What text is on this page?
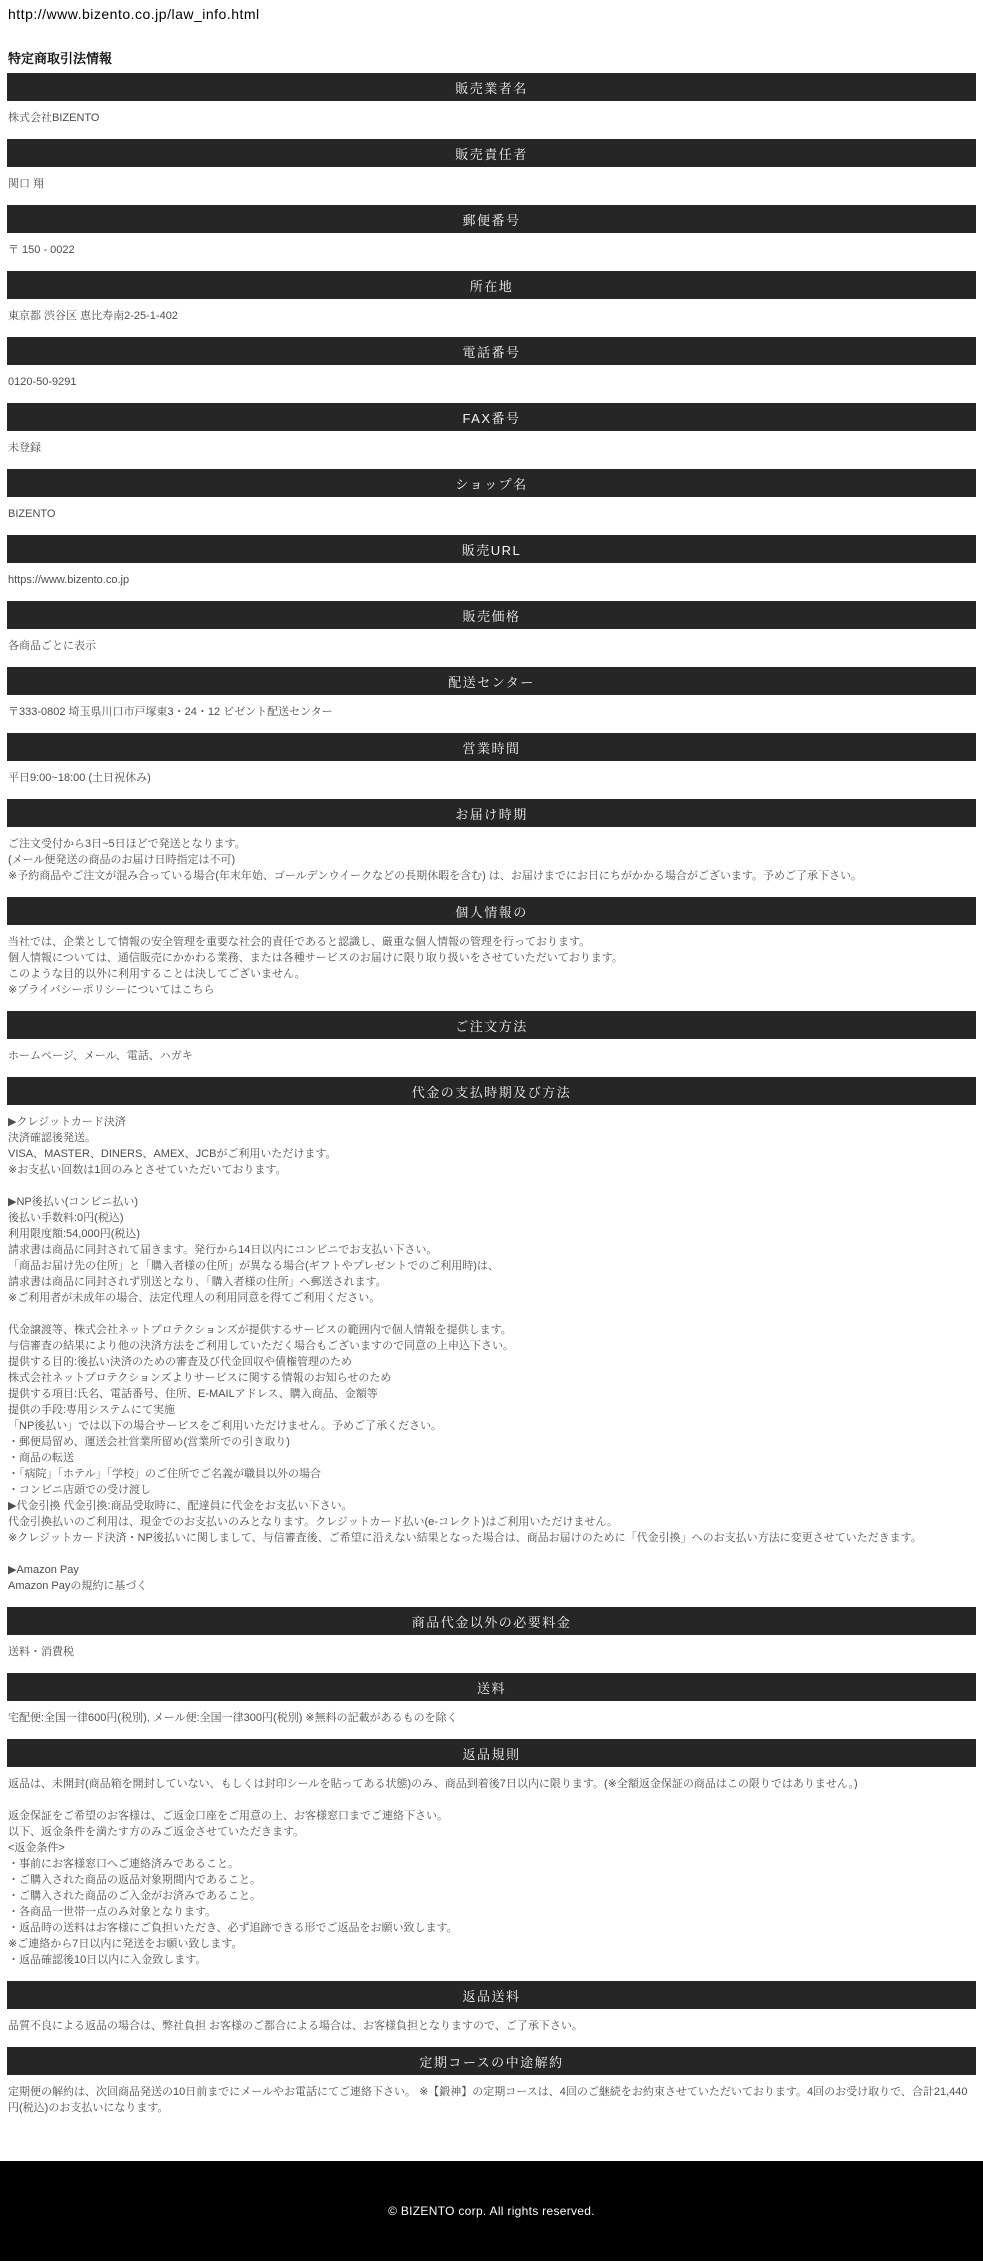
http://www.bizento.co.jp/law_info.html
特定商取引法情報
販売業者名
株式会社BIZENTO
販売責任者
関口 翔
郵便番号
〒 150 - 0022
所在地
東京都 渋谷区 恵比寿南2-25-1-402
電話番号
0120-50-9291
FAX番号
未登録
ショップ名
BIZENTO
販売URL
https://www.bizento.co.jp
販売価格
各商品ごとに表示
配送センター
〒333-0802 埼玉県川口市戸塚東3・24・12 ビゼント配送センター
営業時間
平日9:00~18:00 (土日祝休み)
お届け時期
ご注文受付から3日~5日ほどで発送となります。
(メール便発送の商品のお届け日時指定は不可)
※予約商品やご注文が混み合っている場合(年末年始、ゴールデンウイークなどの長期休暇を含む) は、お届けまでにお日にちがかかる場合がございます。予めご了承下さい。
個人情報の
当社では、企業として情報の安全管理を重要な社会的責任であると認識し、厳重な個人情報の管理を行っております。
個人情報については、通信販売にかかわる業務、または各種サービスのお届けに限り取り扱いをさせていただいております。
このような目的以外に利用することは決してございません。
※プライバシーポリシーについてはこちら
ご注文方法
ホームページ、メール、電話、ハガキ
代金の支払時期及び方法
▶クレジットカード決済
決済確認後発送。
VISA、MASTER、DINERS、AMEX、JCBがご利用いただけます。
※お支払い回数は1回のみとさせていただいております。
▶NP後払い(コンビニ払い)
後払い手数料:0円(税込)
利用限度額:54,000円(税込)
請求書は商品に同封されて届きます。発行から14日以内にコンビニでお支払い下さい。
「商品お届け先の住所」と「購入者様の住所」が異なる場合(ギフトやプレゼントでのご利用時)は、
請求書は商品に同封されず別送となり、「購入者様の住所」へ郵送されます。
※ご利用者が未成年の場合、法定代理人の利用同意を得てご利用ください。
代金譲渡等、株式会社ネットプロテクションズが提供するサービスの範囲内で個人情報を提供します。
与信審査の結果により他の決済方法をご利用していただく場合もございますので同意の上申込下さい。
提供する目的:後払い決済のための審査及び代金回収や債権管理のため
株式会社ネットプロテクションズよりサービスに関する情報のお知らせのため
提供する項目:氏名、電話番号、住所、E-MAILアドレス、購入商品、金額等
提供の手段:専用システムにて実施
「NP後払い」では以下の場合サービスをご利用いただけません。予めご了承ください。
・郵便局留め、運送会社営業所留め(営業所での引き取り)
・商品の転送
・「病院」「ホテル」「学校」のご住所でご名義が職員以外の場合
・コンビニ店頭での受け渡し
▶代金引換 代金引換:商品受取時に、配達員に代金をお支払い下さい。
代金引換払いのご利用は、現金でのお支払いのみとなります。クレジットカード払い(e-コレクト)はご利用いただけません。
※クレジットカード決済・NP後払いに関しまして、与信審査後、ご希望に沿えない結果となった場合は、商品お届けのために「代金引換」へのお支払い方法に変更させていただきます。
▶Amazon Pay
Amazon Payの規約に基づく
商品代金以外の必要料金
送料・消費税
送料
宅配便:全国一律600円(税別), メール便:全国一律300円(税別) ※無料の記載があるものを除く
返品規則
返品は、未開封(商品箱を開封していない、もしくは封印シールを貼ってある状態)のみ、商品到着後7日以内に限ります。(※全額返金保証の商品はこの限りではありません。)
返金保証をご希望のお客様は、ご返金口座をご用意の上、お客様窓口までご連絡下さい。
以下、返金条件を満たす方のみご返金させていただきます。
<返金条件>
・事前にお客様窓口へご連絡済みであること。
・ご購入された商品の返品対象期間内であること。
・ご購入された商品のご入金がお済みであること。
・各商品一世帯一点のみ対象となります。
・返品時の送料はお客様にご負担いただき、必ず追跡できる形でご返品をお願い致します。
※ご連絡から7日以内に発送をお願い致します。
・返品確認後10日以内に入金致します。
返品送料
品質不良による返品の場合は、弊社負担 お客様のご都合による場合は、お客様負担となりますので、ご了承下さい。
定期コースの中途解約
定期便の解約は、次回商品発送の10日前までにメールやお電話にてご連絡下さい。 ※【鍛神】の定期コースは、4回のご継続をお約束させていただいております。4回のお受け取りで、合計21,440円(税込)のお支払いになります。
© BIZENTO corp. All rights reserved.
